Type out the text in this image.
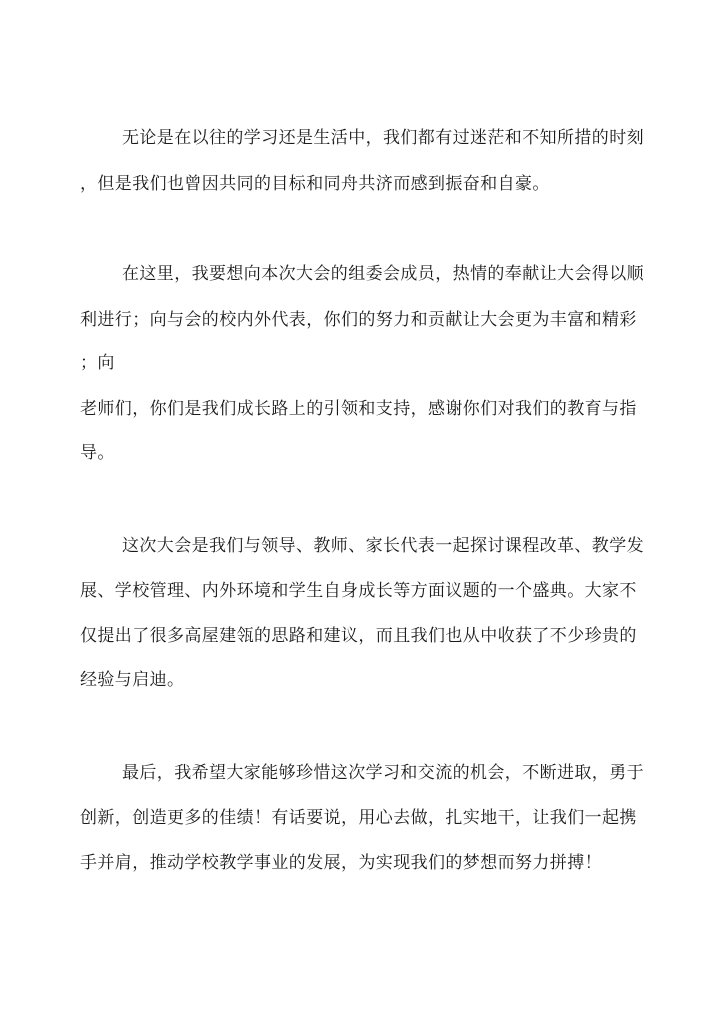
无论是在以往的学习还是生活中，我们都有过迷茫和不知所措的时刻
，但是我们也曾因共同的目标和同舟共济而感到振奋和自豪。
在这里，我要想向本次大会的组委会成员，热情的奉献让大会得以顺
利进行；向与会的校内外代表，你们的努力和贡献让大会更为丰富和精彩
；向
老师们，你们是我们成长路上的引领和支持，感谢你们对我们的教育与指
导。
这次大会是我们与领导、教师、家长代表一起探讨课程改革、教学发
展、学校管理、内外环境和学生自身成长等方面议题的一个盛典。大家不
仅提出了很多高屋建瓴的思路和建议，而且我们也从中收获了不少珍贵的
经验与启迪。
最后，我希望大家能够珍惜这次学习和交流的机会，不断进取，勇于
创新，创造更多的佳绩！有话要说，用心去做，扎实地干，让我们一起携
手并肩，推动学校教学事业的发展，为实现我们的梦想而努力拼搏！
